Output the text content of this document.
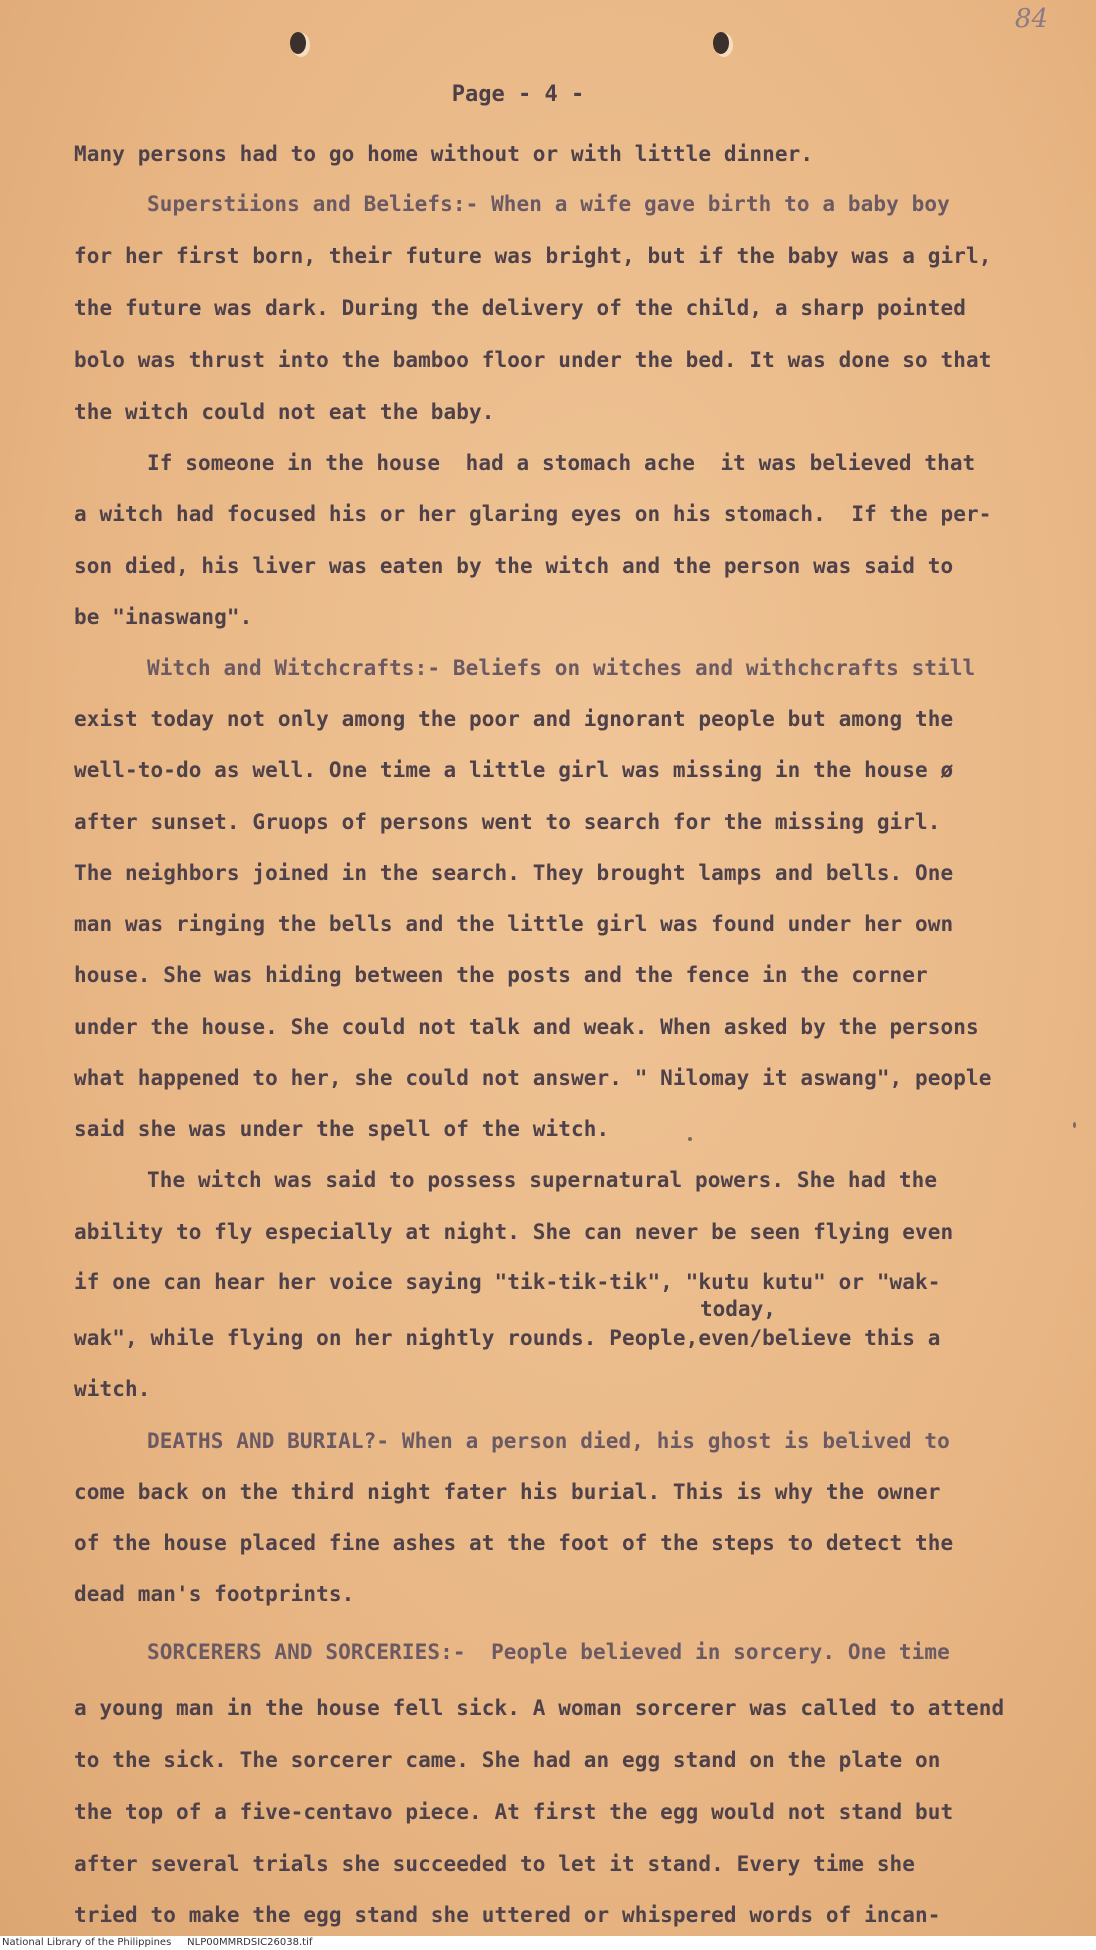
84
Page - 4 -
Many persons had to go home without or with little dinner.
Superstiions and Beliefs:- When a wife gave birth to a baby boy
for her first born, their future was bright, but if the baby was a girl,
the future was dark. During the delivery of the child, a sharp pointed
bolo was thrust into the bamboo floor under the bed. It was done so that
the witch could not eat the baby.
If someone in the house  had a stomach ache  it was believed that
a witch had focused his or her glaring eyes on his stomach.  If the per-
son died, his liver was eaten by the witch and the person was said to
be "inaswang".
Witch and Witchcrafts:- Beliefs on witches and withchcrafts still
exist today not only among the poor and ignorant people but among the
well-to-do as well. One time a little girl was missing in the house ø
after sunset. Gruops of persons went to search for the missing girl.
The neighbors joined in the search. They brought lamps and bells. One
man was ringing the bells and the little girl was found under her own
house. She was hiding between the posts and the fence in the corner
under the house. She could not talk and weak. When asked by the persons
what happened to her, she could not answer. " Nilomay it aswang", people
said she was under the spell of the witch.
The witch was said to possess supernatural powers. She had the
ability to fly especially at night. She can never be seen flying even
if one can hear her voice saying "tik-tik-tik", "kutu kutu" or "wak-
today,
wak", while flying on her nightly rounds. People,even/believe this a
witch.
DEATHS AND BURIAL?- When a person died, his ghost is belived to
come back on the third night fater his burial. This is why the owner
of the house placed fine ashes at the foot of the steps to detect the
dead man's footprints.
SORCERERS AND SORCERIES:-  People believed in sorcery. One time
a young man in the house fell sick. A woman sorcerer was called to attend
to the sick. The sorcerer came. She had an egg stand on the plate on
the top of a five-centavo piece. At first the egg would not stand but
after several trials she succeeded to let it stand. Every time she
tried to make the egg stand she uttered or whispered words of incan-
National Library of the Philippines     NLP00MMRDSIC26038.tif
